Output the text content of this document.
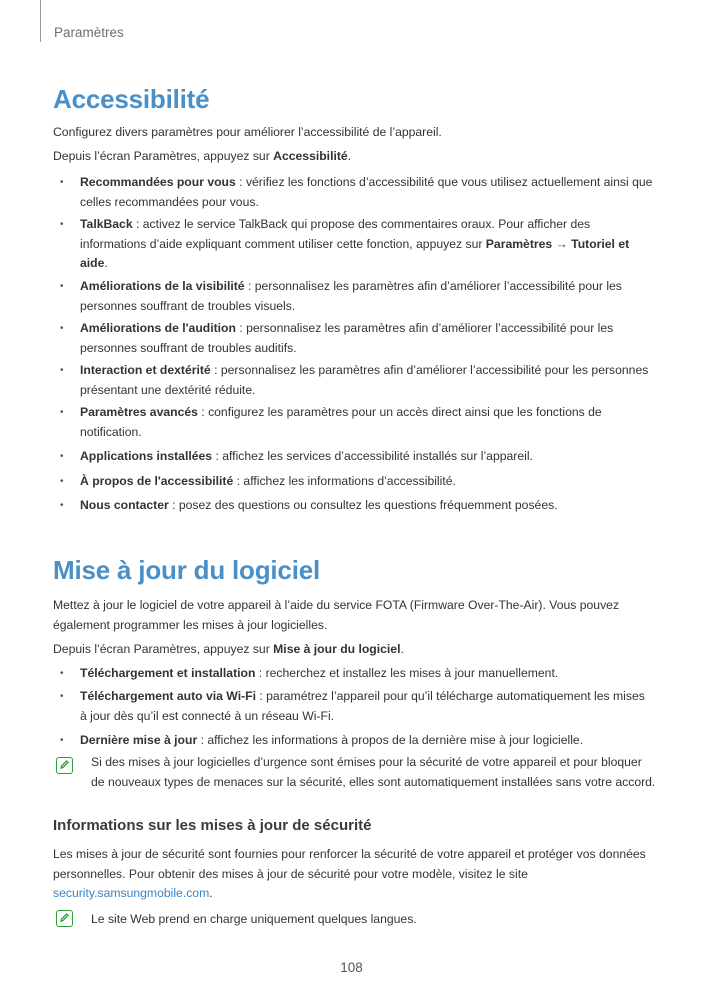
Paramètres
Accessibilité

Configurez divers paramètres pour améliorer l’accessibilité de l’appareil.

Depuis l’écran Paramètres, appuyez sur Accessibilité.

• Recommandées pour vous : vérifiez les fonctions d’accessibilité que vous utilisez actuellement ainsi que celles recommandées pour vous.
• TalkBack : activez le service TalkBack qui propose des commentaires oraux. Pour afficher des informations d’aide expliquant comment utiliser cette fonction, appuyez sur Paramètres → Tutoriel et aide.
• Améliorations de la visibilité : personnalisez les paramètres afin d’améliorer l’accessibilité pour les personnes souffrant de troubles visuels.
• Améliorations de l'audition : personnalisez les paramètres afin d’améliorer l’accessibilité pour les personnes souffrant de troubles auditifs.
• Interaction et dextérité : personnalisez les paramètres afin d’améliorer l’accessibilité pour les personnes présentant une dextérité réduite.
• Paramètres avancés : configurez les paramètres pour un accès direct ainsi que les fonctions de notification.
• Applications installées : affichez les services d’accessibilité installés sur l’appareil.
• À propos de l'accessibilité : affichez les informations d’accessibilité.
• Nous contacter : posez des questions ou consultez les questions fréquemment posées.
Mise à jour du logiciel

Mettez à jour le logiciel de votre appareil à l’aide du service FOTA (Firmware Over-The-Air). Vous pouvez également programmer les mises à jour logicielles.

Depuis l’écran Paramètres, appuyez sur Mise à jour du logiciel.

• Téléchargement et installation : recherchez et installez les mises à jour manuellement.
• Téléchargement auto via Wi-Fi : paramétrez l’appareil pour qu’il télécharge automatiquement les mises à jour dès qu’il est connecté à un réseau Wi-Fi.
• Dernière mise à jour : affichez les informations à propos de la dernière mise à jour logicielle.

Si des mises à jour logicielles d’urgence sont émises pour la sécurité de votre appareil et pour bloquer de nouveaux types de menaces sur la sécurité, elles sont automatiquement installées sans votre accord.

Informations sur les mises à jour de sécurité

Les mises à jour de sécurité sont fournies pour renforcer la sécurité de votre appareil et protéger vos données personnelles. Pour obtenir des mises à jour de sécurité pour votre modèle, visitez le site security.samsungmobile.com.

Le site Web prend en charge uniquement quelques langues.

108
